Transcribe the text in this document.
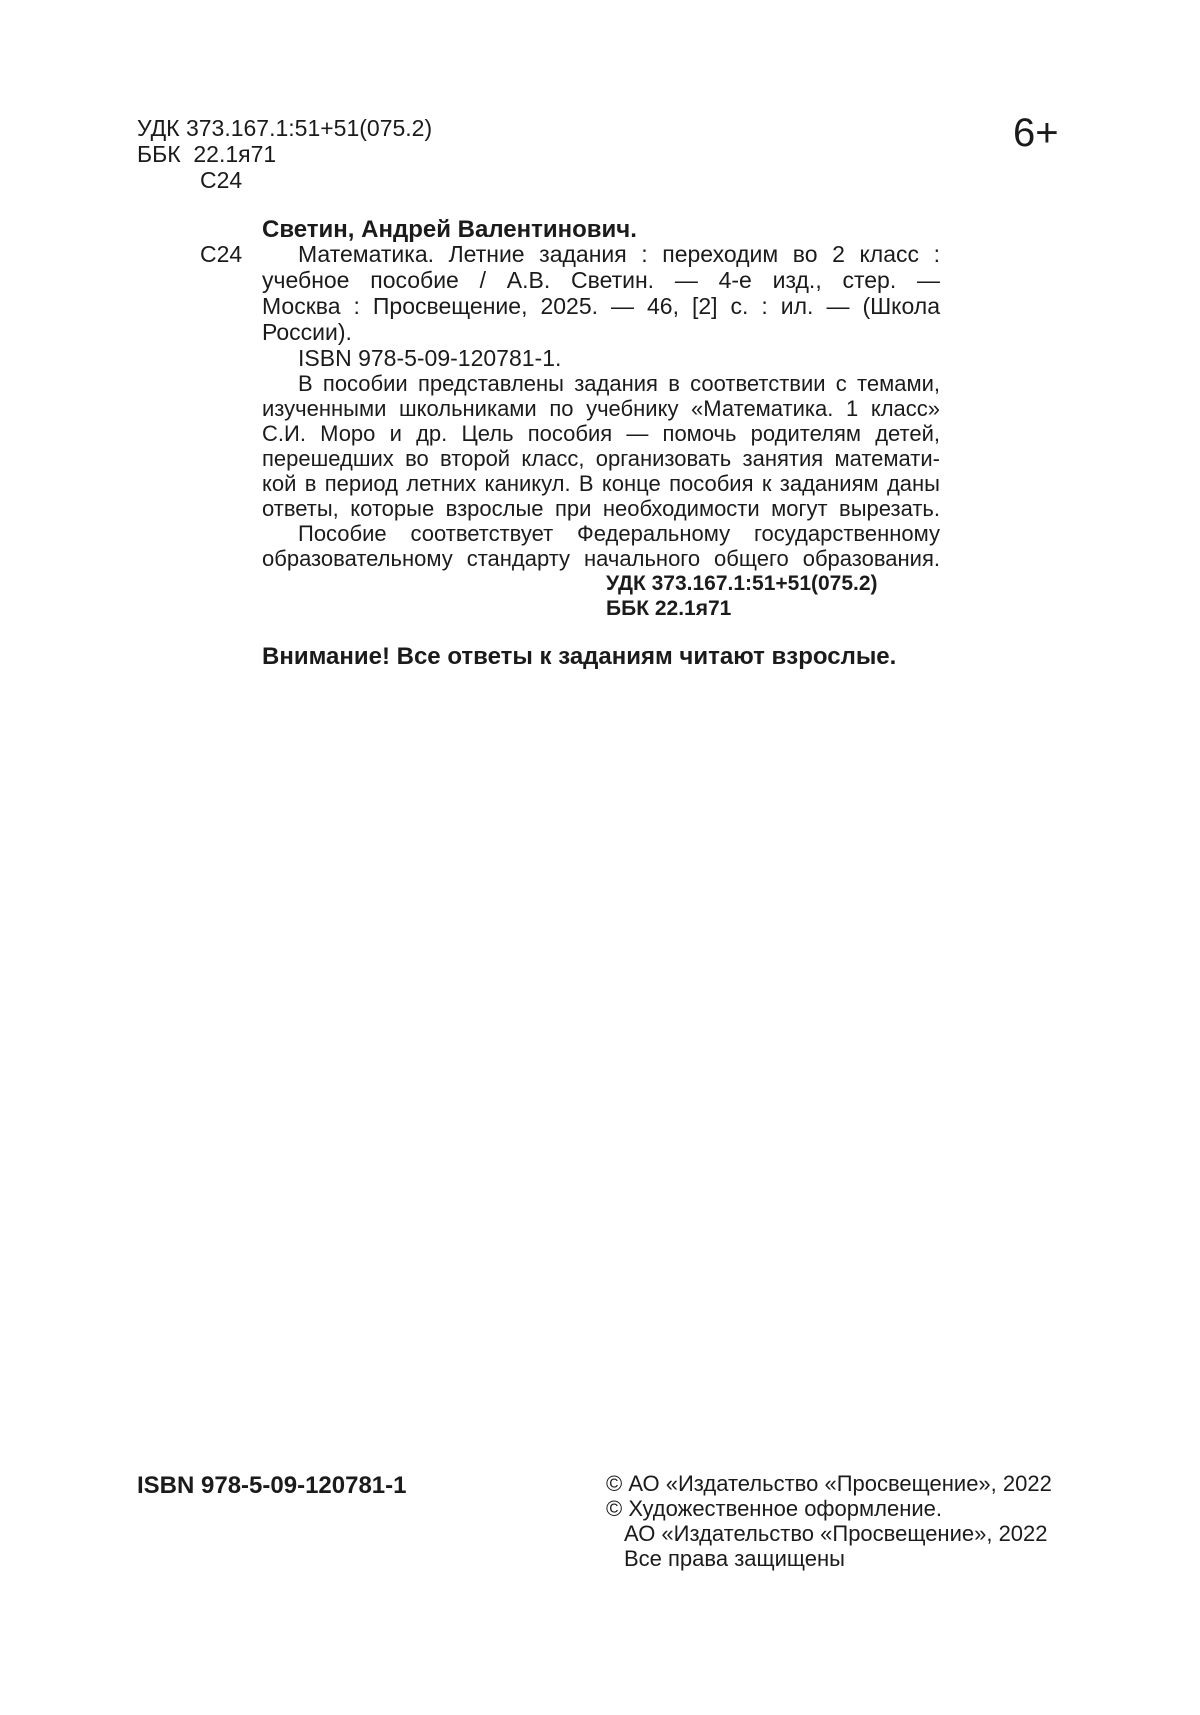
УДК 373.167.1:51+51(075.2)
ББК  22.1я71
С24
6+
Светин, Андрей Валентинович.
С24 Математика. Летние задания : переходим во 2 класс :
учебное пособие / А.В. Светин. — 4-е изд., стер. —
Москва : Просвещение, 2025. — 46, [2] с. : ил. — (Школа
России).
ISBN 978-5-09-120781-1.
В пособии представлены задания в соответствии с темами,
изученными школьниками по учебнику «Математика. 1 класс»
С.И. Моро и др. Цель пособия — помочь родителям детей,
перешедших во второй класс, организовать занятия математи-
кой в период летних каникул. В конце пособия к заданиям даны
ответы, которые взрослые при необходимости могут вырезать.
Пособие соответствует Федеральному государственному
образовательному стандарту начального общего образования.
УДК 373.167.1:51+51(075.2)
ББК 22.1я71
Внимание! Все ответы к заданиям читают взрослые.
ISBN 978-5-09-120781-1	© АО «Издательство «Просвещение», 2022
© Художественное оформление.
АО «Издательство «Просвещение», 2022
Все права защищены
